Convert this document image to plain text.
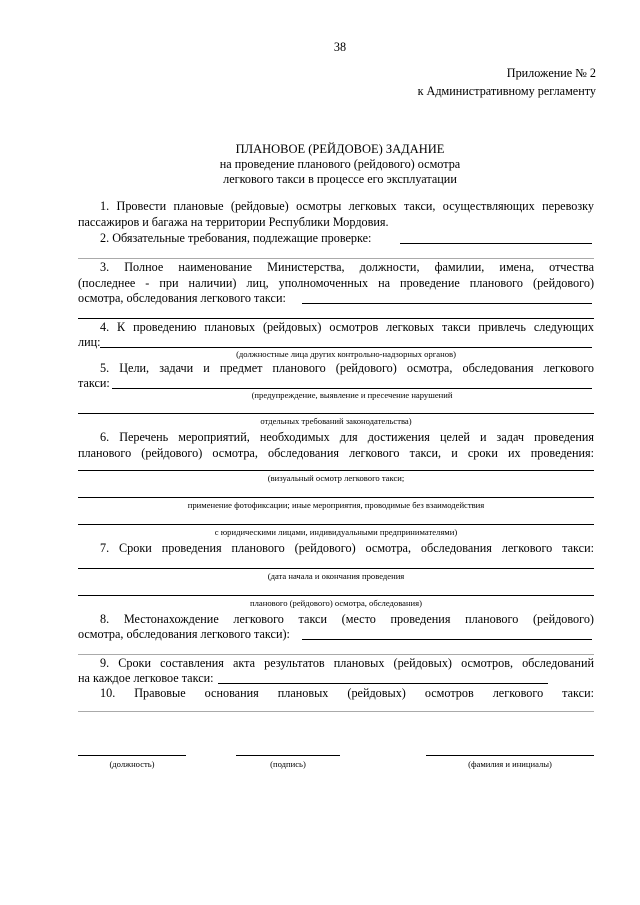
38
Приложение № 2
к Административному регламенту
ПЛАНОВОЕ (РЕЙДОВОЕ) ЗАДАНИЕ
на проведение планового (рейдового) осмотра
легкового такси в процессе его эксплуатации
1. Провести плановые (рейдовые) осмотры легковых такси, осуществляющих перевозку
пассажиров и багажа на территории Республики Мордовия.
2. Обязательные требования, подлежащие проверке:
3. Полное наименование Министерства, должности, фамилии, имена, отчества
(последнее - при наличии) лиц, уполномоченных на проведение планового (рейдового)
осмотра, обследования легкового такси:
4. К проведению плановых (рейдовых) осмотров легковых такси привлечь следующих
лиц:
(должностные лица других контрольно-надзорных органов)
5. Цели, задачи и предмет планового (рейдового) осмотра, обследования легкового
такси:
(предупреждение, выявление и пресечение нарушений
отдельных требований законодательства)
6. Перечень мероприятий, необходимых для достижения целей и задач проведения
планового (рейдового) осмотра, обследования легкового такси, и сроки их проведения:
(визуальный осмотр легкового такси;
применение фотофиксации; иные мероприятия, проводимые без взаимодействия
с юридическими лицами, индивидуальными предпринимателями)
7. Сроки проведения планового (рейдового) осмотра, обследования легкового такси:
(дата начала и окончания проведения
планового (рейдового) осмотра, обследования)
8. Местонахождение легкового такси (место проведения планового (рейдового)
осмотра, обследования легкового такси):
9. Сроки составления акта результатов плановых (рейдовых) осмотров, обследований
на каждое легковое такси:
10. Правовые основания плановых (рейдовых) осмотров легкового такси:
(должность)	(подпись)	(фамилия и инициалы)
